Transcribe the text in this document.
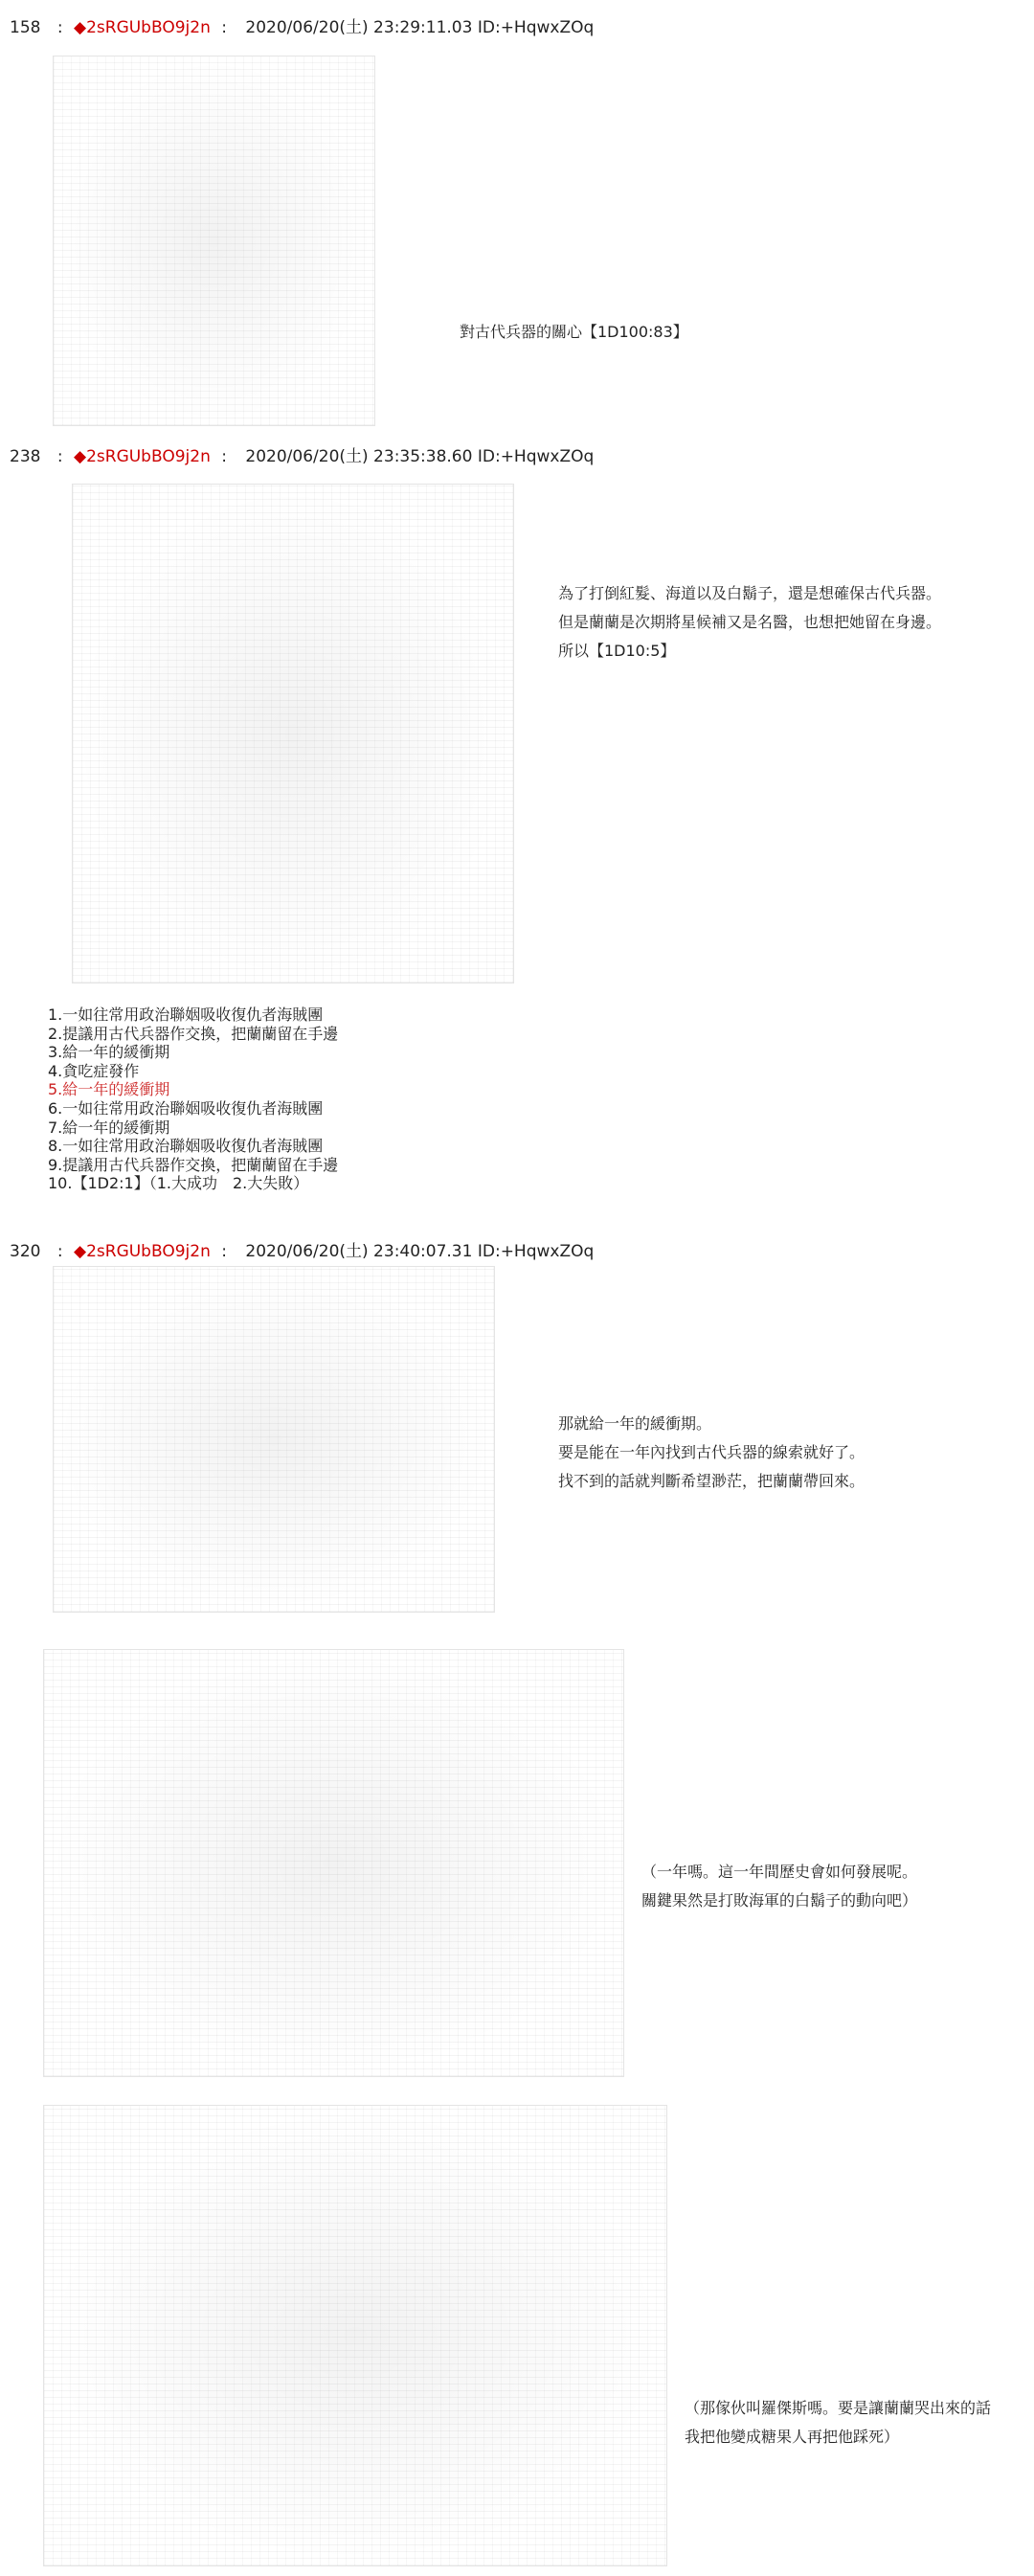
158 : ◆2sRGUbBO9j2n : 2020/06/20(土) 23:29:11.03 ID:+HqwxZOq
對古代兵器的關心【1D100:83】
238 : ◆2sRGUbBO9j2n : 2020/06/20(土) 23:35:38.60 ID:+HqwxZOq
為了打倒紅髮、海道以及白鬍子，還是想確保古代兵器。
但是蘭蘭是次期將星候補又是名醫，也想把她留在身邊。
所以【1D10:5】
1.一如往常用政治聯姻吸收復仇者海賊團
2.提議用古代兵器作交換，把蘭蘭留在手邊
3.給一年的緩衝期
4.貪吃症發作
5.給一年的緩衝期
6.一如往常用政治聯姻吸收復仇者海賊團
7.給一年的緩衝期
8.一如往常用政治聯姻吸收復仇者海賊團
9.提議用古代兵器作交換，把蘭蘭留在手邊
10.【1D2:1】（1.大成功　2.大失敗）
320 : ◆2sRGUbBO9j2n : 2020/06/20(土) 23:40:07.31 ID:+HqwxZOq
那就給一年的緩衝期。
要是能在一年內找到古代兵器的線索就好了。
找不到的話就判斷希望渺茫，把蘭蘭帶回來。
（一年嗎。這一年間歷史會如何發展呢。
關鍵果然是打敗海軍的白鬍子的動向吧）
（那傢伙叫羅傑斯嗎。要是讓蘭蘭哭出來的話
我把他變成糖果人再把他踩死）
